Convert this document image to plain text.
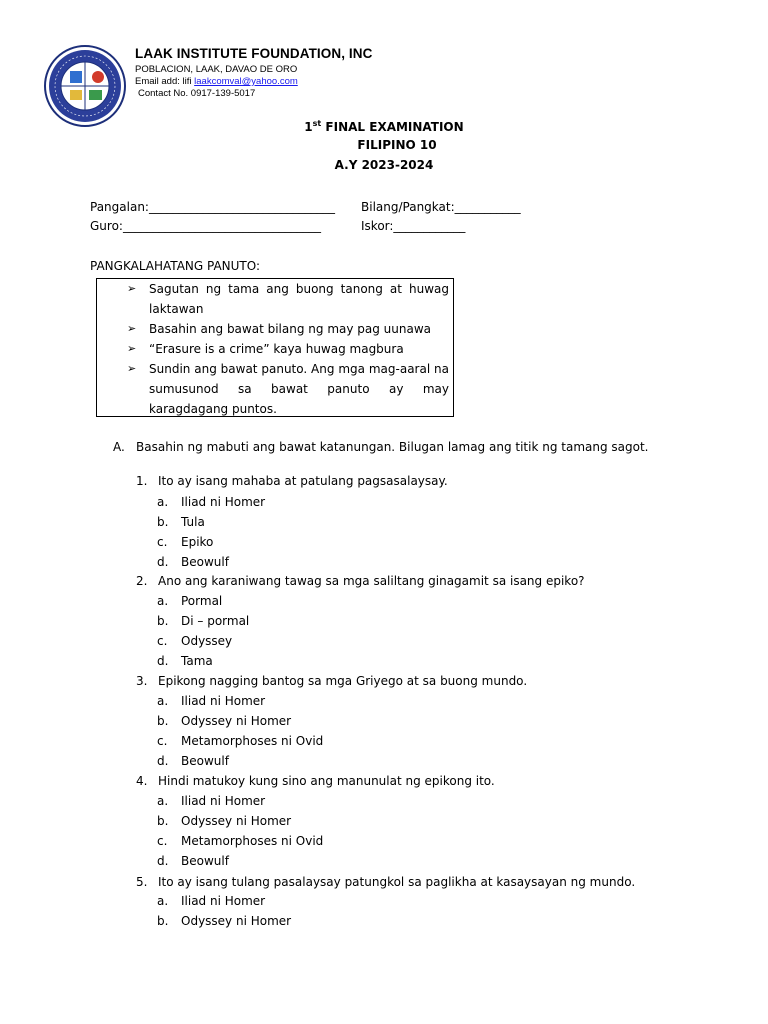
LAAK INSTITUTE FOUNDATION, INC
POBLACION, LAAK, DAVAO DE ORO
Email add: lifi laakcomval@yahoo.com
Contact No. 0917-139-5017
1st FINAL EXAMINATION
FILIPINO 10
A.Y 2023-2024
Pangalan:_______________________________ Bilang/Pangkat:___________
Guro:_________________________________	Iskor:____________
PANGKALAHATANG PANUTO:
➢ Sagutan ng tama ang buong tanong at huwag laktawan
➢ Basahin ang bawat bilang ng may pag uunawa
➢ “Erasure is a crime” kaya huwag magbura
➢ Sundin ang bawat panuto. Ang mga mag-aaral na sumusunod sa bawat panuto ay may karagdagang puntos.
A. Basahin ng mabuti ang bawat katanungan. Bilugan lamag ang titik ng tamang sagot.
1. Ito ay isang mahaba at patulang pagsasalaysay.
a. Iliad ni Homer
b. Tula
c. Epiko
d. Beowulf
2. Ano ang karaniwang tawag sa mga saliltang ginagamit sa isang epiko?
a. Pormal
b. Di – pormal
c. Odyssey
d. Tama
3. Epikong nagging bantog sa mga Griyego at sa buong mundo.
a. Iliad ni Homer
b. Odyssey ni Homer
c. Metamorphoses ni Ovid
d. Beowulf
4. Hindi matukoy kung sino ang manunulat ng epikong ito.
a. Iliad ni Homer
b. Odyssey ni Homer
c. Metamorphoses ni Ovid
d. Beowulf
5. Ito ay isang tulang pasalaysay patungkol sa paglikha at kasaysayan ng mundo.
a. Iliad ni Homer
b. Odyssey ni Homer
